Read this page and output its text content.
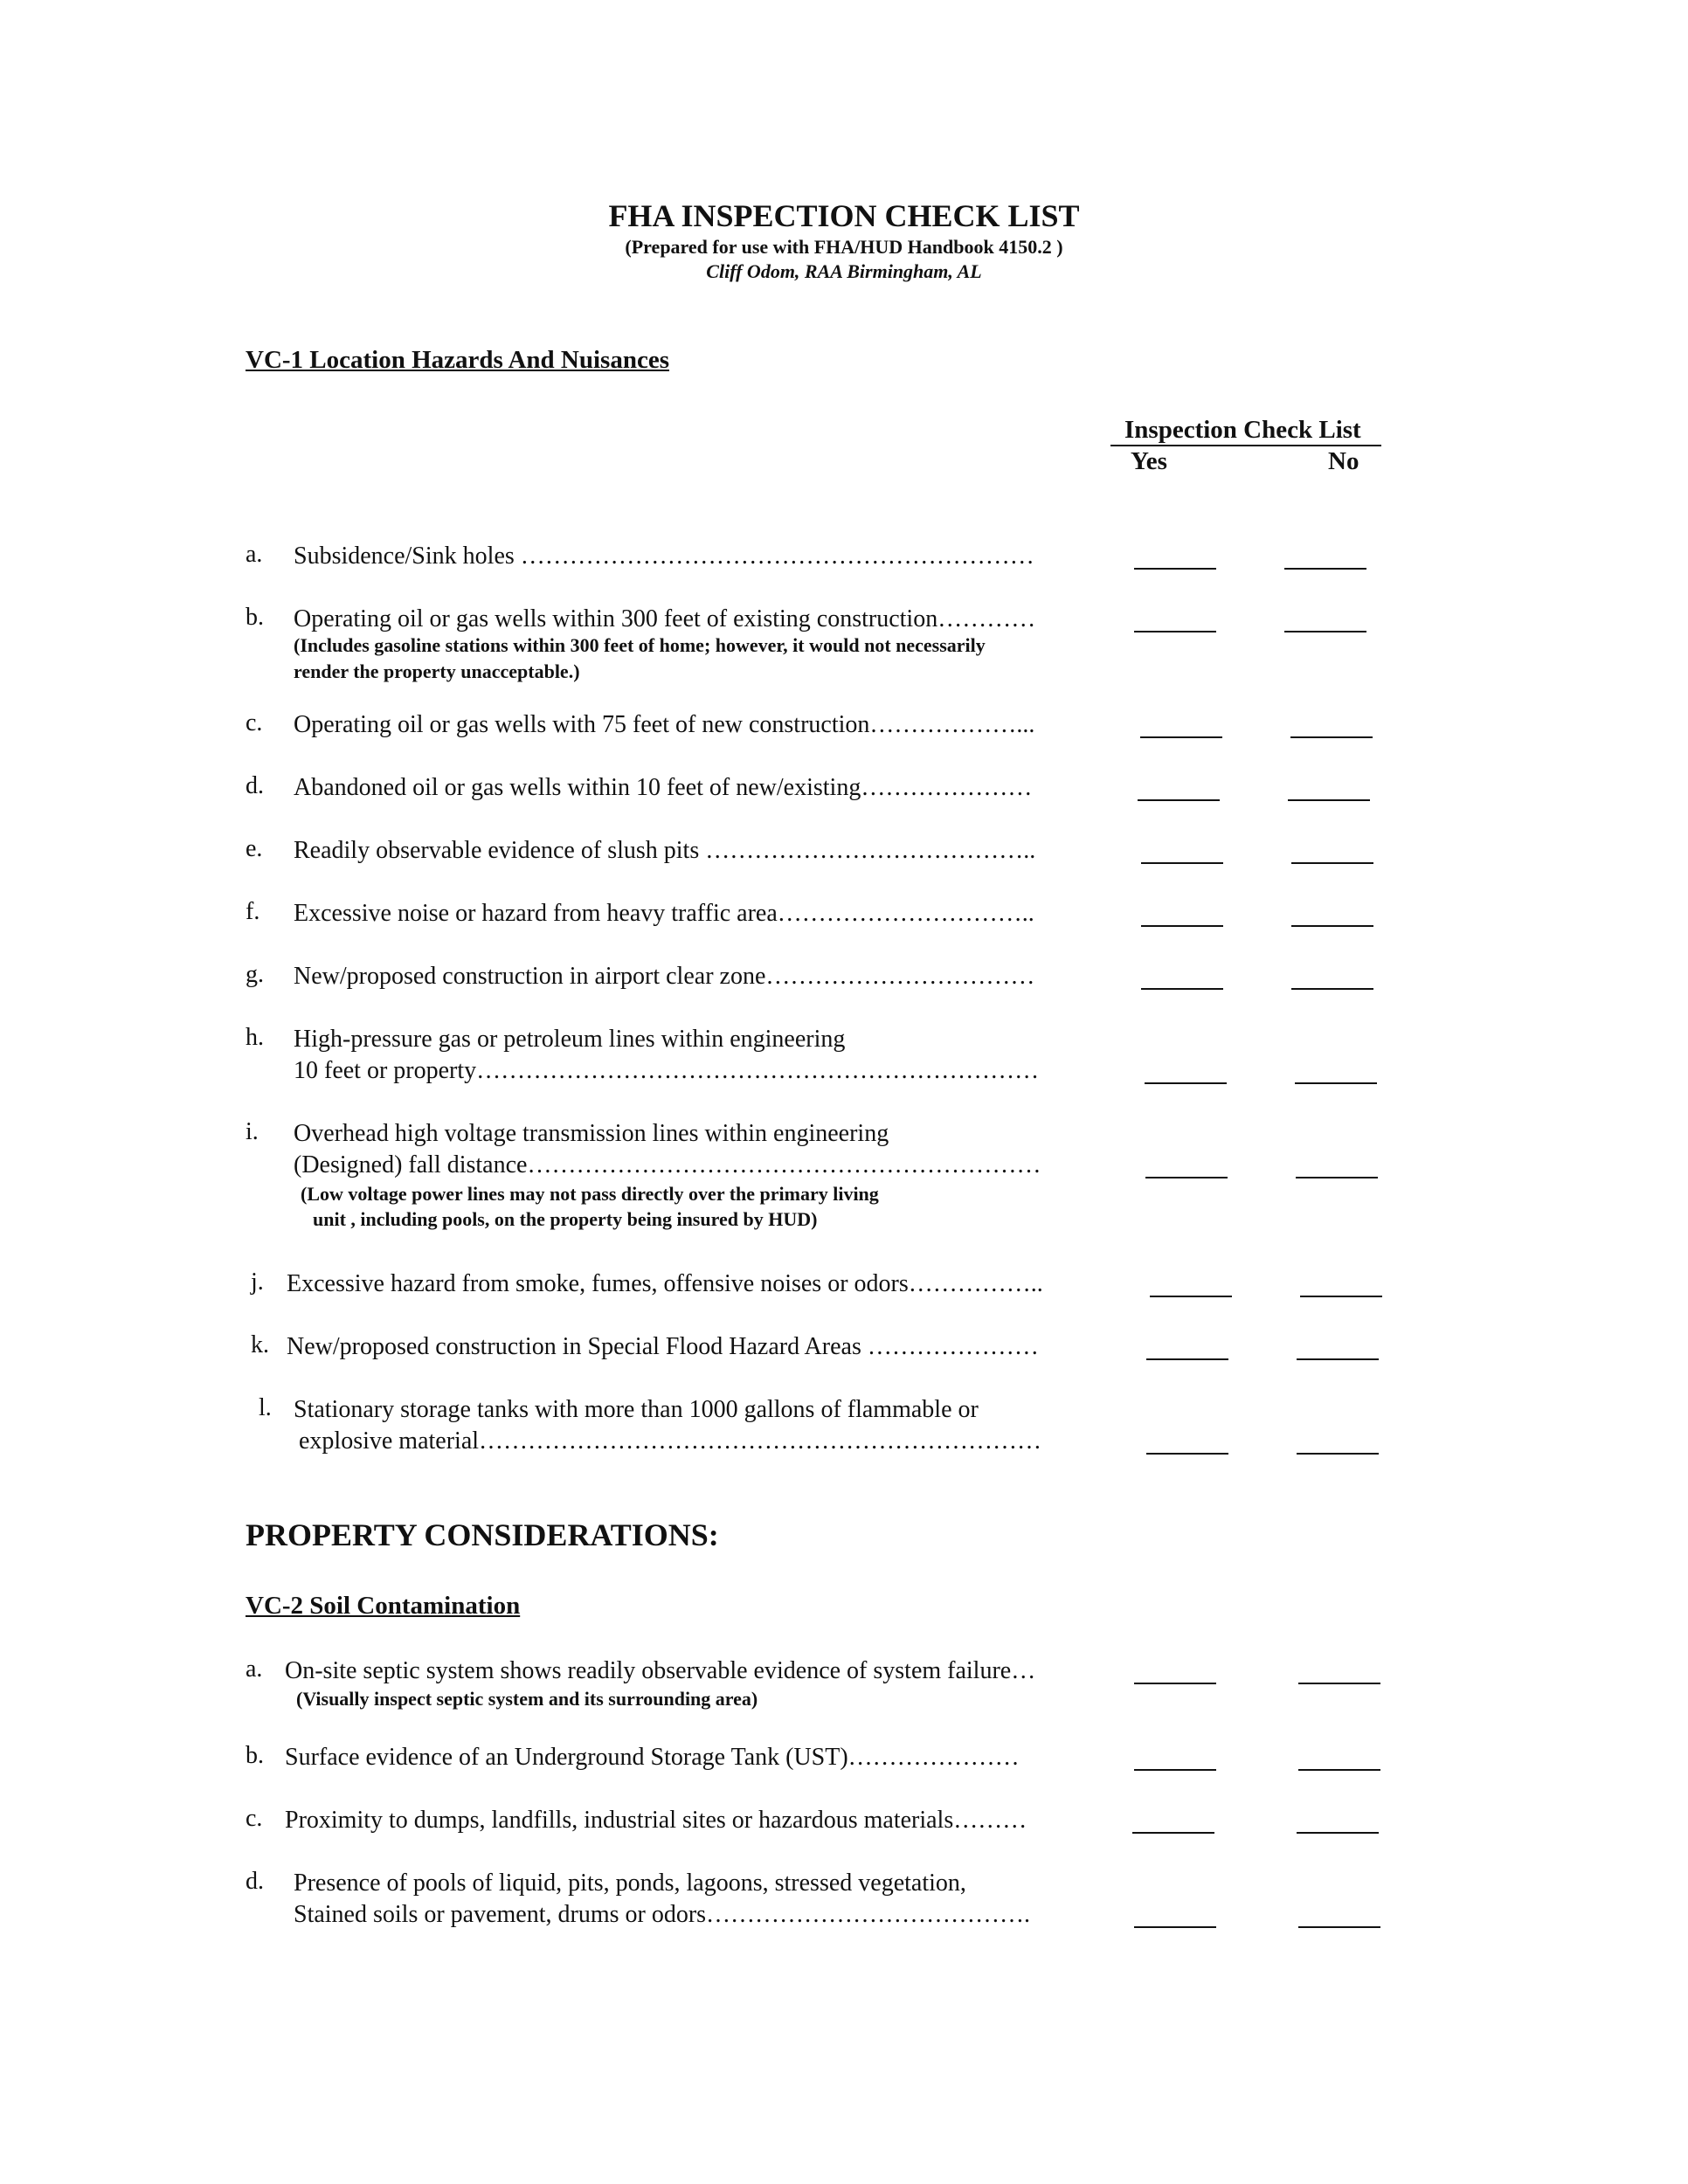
FHA INSPECTION CHECK LIST
(Prepared for use with FHA/HUD Handbook 4150.2 )
Cliff Odom, RAA Birmingham, AL
VC-1 Location Hazards And Nuisances
Inspection Check List
Yes	No
a. Subsidence/Sink holes ………………………………………………………
b. Operating oil or gas wells within 300 feet of existing construction…………
(Includes gasoline stations within 300 feet of home; however, it would not necessarily
render the property unacceptable.)
c. Operating oil or gas wells with 75 feet of new construction………………...
d. Abandoned oil or gas wells within 10 feet of new/existing…………………
e. Readily observable evidence of slush pits …………………………………..
f. Excessive noise or hazard from heavy traffic area…………………………..
g. New/proposed construction in airport clear zone……………………………
h. High-pressure gas or petroleum lines within engineering
10 feet or property……………………………………………………………
i. Overhead high voltage transmission lines within engineering
(Designed) fall distance………………………………………………………
(Low voltage power lines may not pass directly over the primary living
unit , including pools, on the property being insured by HUD)
j. Excessive hazard from smoke, fumes, offensive noises or odors……………..
k. New/proposed construction in Special Flood Hazard Areas …………………
l. Stationary storage tanks with more than 1000 gallons of flammable or
explosive material……………………………………………………………
PROPERTY CONSIDERATIONS:
VC-2 Soil Contamination
a. On-site septic system shows readily observable evidence of system failure…
(Visually inspect septic system and its surrounding area)
b. Surface evidence of an Underground Storage Tank (UST)…………………
c. Proximity to dumps, landfills, industrial sites or hazardous materials………
d. Presence of pools of liquid, pits, ponds, lagoons, stressed vegetation,
Stained soils or pavement, drums or odors………………………………….
